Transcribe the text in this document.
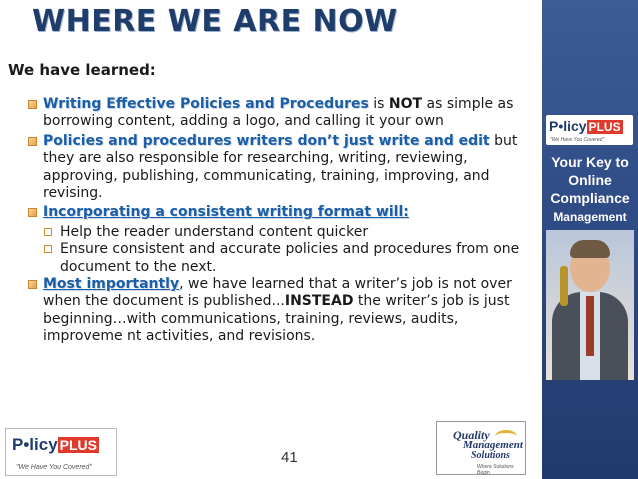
WHERE WE ARE NOW
We have learned:
Writing Effective Policies and Procedures is NOT as simple as borrowing content, adding a logo, and calling it your own
Policies and procedures writers don’t just write and edit but they are also responsible for researching, writing, reviewing, approving, publishing, communicating, training, improving, and revising.
Incorporating a consistent writing format will:
Help the reader understand content quicker
Ensure consistent and accurate policies and procedures from one document to the next.
Most importantly, we have learned that a writer’s job is not over when the document is published...INSTEAD the writer’s job is just beginning…with communications, training, reviews, audits, improveme nt activities, and revisions.
P•licy PLUS
"We Have You Covered"
Your Key to
Online
Compliance
Management
P•licy PLUS
"We Have You Covered"
41
Quality
Management
Solutions
Where Solutions Begin
